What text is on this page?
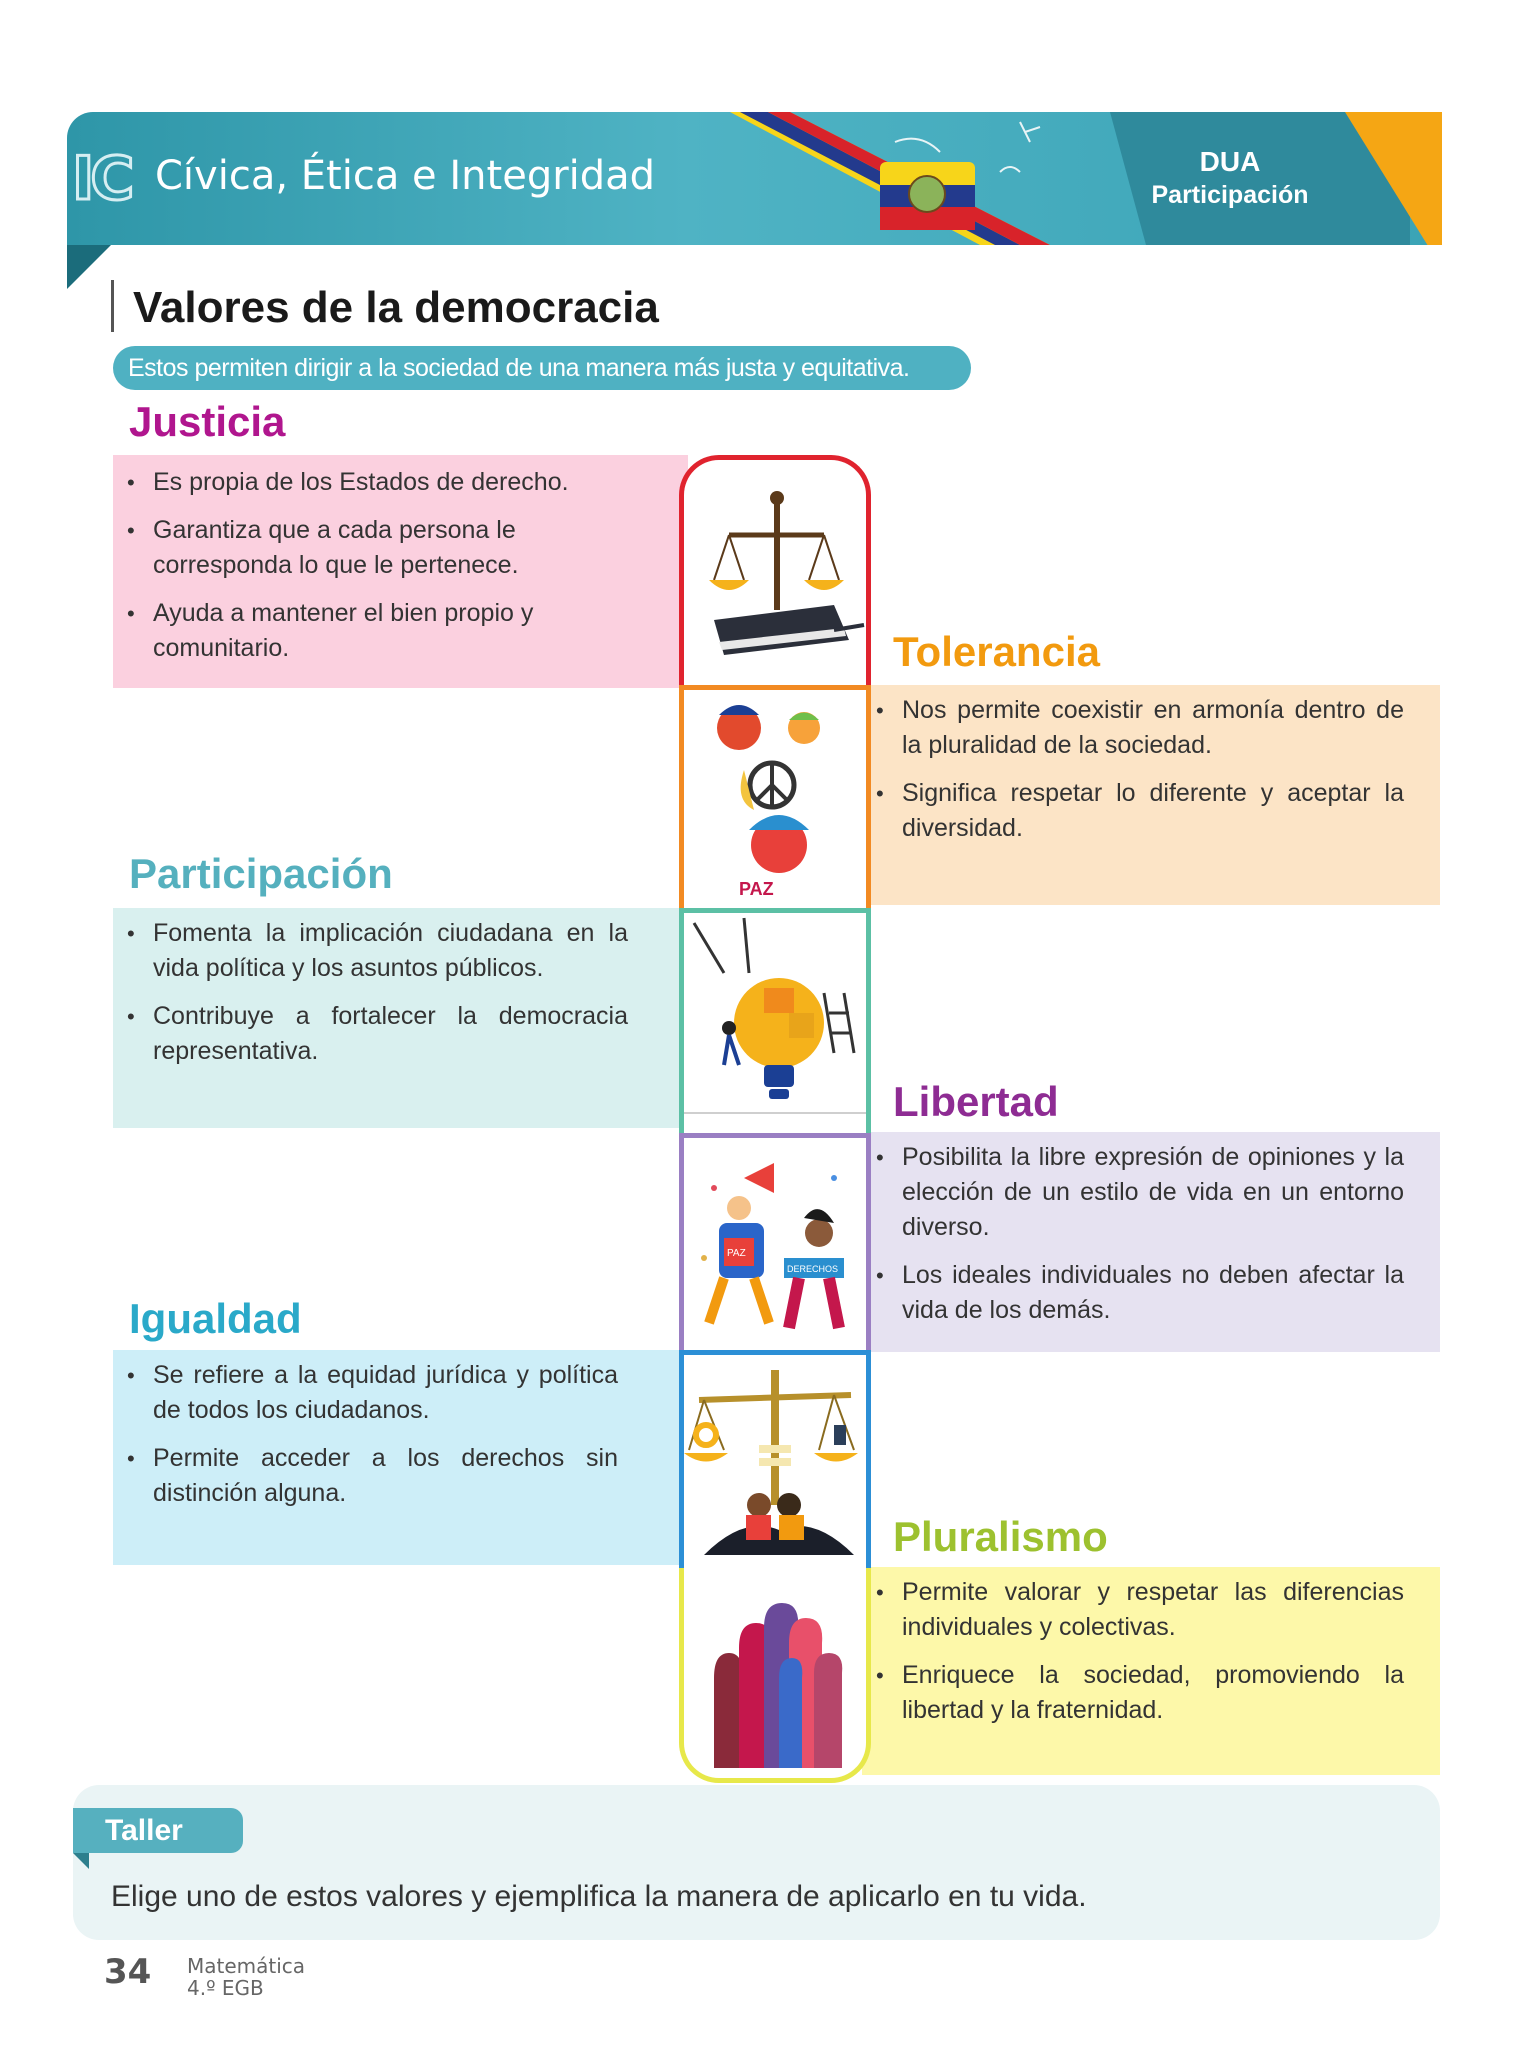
IC Cívica, Ética e Integridad	DUA
Participación
Valores de la democracia
Estos permiten dirigir a la sociedad de una manera más justa y equitativa.
Justicia
• Es propia de los Estados de derecho.
• Garantiza que a cada persona le corresponda lo que le pertenece.
• Ayuda a mantener el bien propio y comunitario.	Tolerancia
• Nos permite coexistir en armonía dentro de la pluralidad de la sociedad.
• Significa respetar lo diferente y aceptar la diversidad.
Participación
• Fomenta la implicación ciudadana en la vida política y los asuntos públicos.
• Contribuye a fortalecer la democracia representativa.
Libertad
• Posibilita la libre expresión de opiniones y la elección de un estilo de vida en un entorno diverso.
• Los ideales individuales no deben afectar la vida de los demás.
Igualdad
• Se refiere a la equidad jurídica y política de todos los ciudadanos.
• Permite acceder a los derechos sin distinción alguna.
Pluralismo
• Permite valorar y respetar las diferencias individuales y colectivas.
• Enriquece la sociedad, promoviendo la libertad y la fraternidad.
PAZ
PAZ
DERECHOS
Taller
Elige uno de estos valores y ejemplifica la manera de aplicarlo en tu vida.
34 Matemática
4.º EGB
